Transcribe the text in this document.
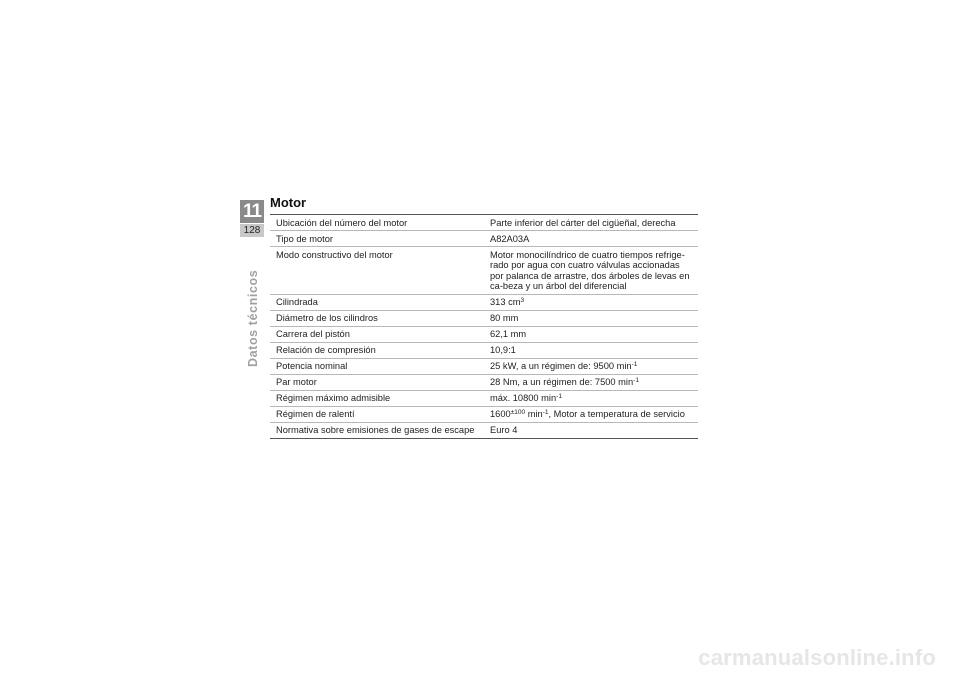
11
128
Datos técnicos
Motor
Ubicación del número del motor	Parte inferior del cárter del cigüeñal, derecha
Tipo de motor	A82A03A
Modo constructivo del motor	Motor monocilíndrico de cuatro tiempos refrige-rado por agua con cuatro válvulas accionadas por palanca de arrastre, dos árboles de levas en ca-beza y un árbol del diferencial
Cilindrada	313 $cm^3$
Diámetro de los cilindros	80 mm
Carrera del pistón	62,1 mm
Relación de compresión	10,9:1
Potencia nominal	25 kW, a un régimen de: 9500 $\min^{-1}$
Par motor	28 Nm, a un régimen de: 7500 $\min^{-1}$
Régimen máximo admisible	máx. 10800 $\min^{-1}$
Régimen de ralentí	$1600^{\pm 100}$ $\min^{-1}$, Motor a temperatura de servicio
Normativa sobre emisiones de gases de escape	Euro 4
carmanualsonline.info
